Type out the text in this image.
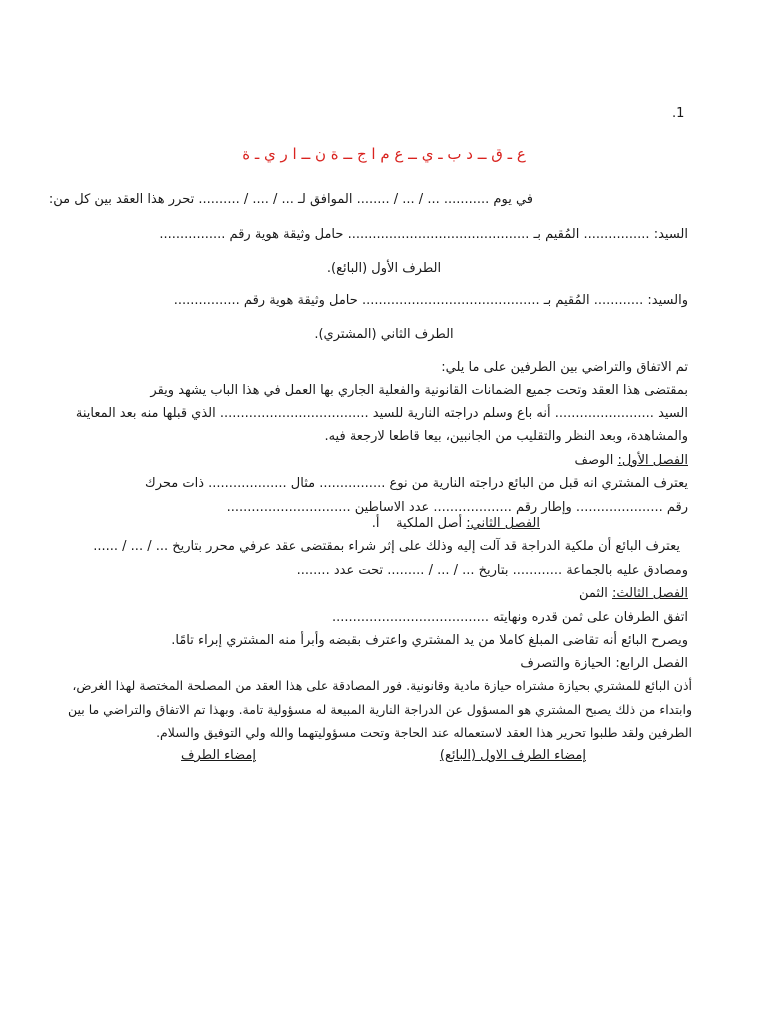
.1
ع ـ ق ــ د ب ـ ي ــ ع م ا ج ــ ة ن ــ ا ر ي ـ ة
في يوم ........... ... / ... / ........ الموافق لـ ... / .... / .......... تحرر هذا العقد بين كل من:
السيد: ................ المُقيم بـ ............................................ حامل وثيقة هوية رقم ................
الطرف الأول (البائع).
والسيد: ............ المُقيم بـ ........................................... حامل وثيقة هوية رقم ................
الطرف الثاني (المشتري).
تم الاتفاق والتراضي بين الطرفين على ما يلي:
بمقتضى هذا العقد وتحت جميع الضمانات القانونية والفعلية الجاري بها العمل في هذا الباب يشهد ويقر
السيد ........................ أنه باع وسلم دراجته النارية للسيد .................................... الذي قبلها منه بعد المعاينة
والمشاهدة، وبعد النظر والتقليب من الجانبين، بيعا قاطعا لارجعة فيه.
الفصل الأول: الوصف
يعترف المشتري انه قبل من البائع دراجته النارية من نوع ................ مثال ................... ذات محرك
رقم ..................... وإطار رقم ................... عدد الاساطين ..............................
الفصل الثاني: أصل الملكية    أ.
يعترف البائع أن ملكية الدراجة قد آلت إليه وذلك على إثر شراء بمقتضى عقد عرفي محرر بتاريخ ... / ... / ......
ومصادق عليه بالجماعة ............ بتاريخ ... / ... / ......... تحت عدد ........
الفصل الثالث: الثمن
اتفق الطرفان على ثمن قدره ونهايته ......................................
ويصرح البائع أنه تقاضى المبلغ كاملا من يد المشتري واعترف بقبضه وأبرأ منه المشتري إبراء تامًا.
الفصل الرابع: الحيازة والتصرف
أذن البائع للمشتري بحيازة مشتراه حيازة مادية وقانونية. فور المصادقة على هذا العقد من المصلحة المختصة لهذا الغرض،
وابتداء من ذلك يصبح المشتري هو المسؤول عن الدراجة النارية المبيعة له مسؤولية تامة. وبهذا تم الاتفاق والتراضي ما بين
الطرفين ولقد طلبوا تحرير هذا العقد لاستعماله عند الحاجة وتحت مسؤوليتهما والله ولي التوفيق والسلام.
إمضاء الطرف الاول (البائع)
إمضاء الطرف
